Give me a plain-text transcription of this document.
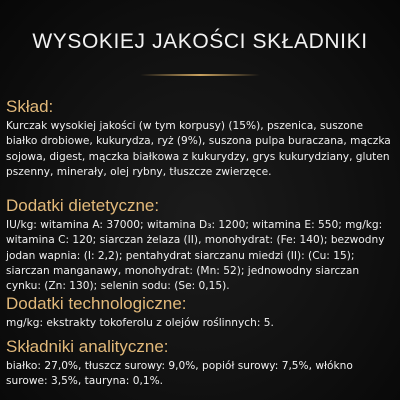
WYSOKIEJ JAKOŚCI SKŁADNIKI
Skład:

Kurczak wysokiej jakości (w tym korpusy) (15%), pszenica, suszone białko drobiowe, kukurydza, ryż (9%), suszona pulpa buraczana, mączka sojowa, digest, mączka białkowa z kukurydzy, grys kukurydziany, gluten pszenny, minerały, olej rybny, tłuszcze zwierzęce.

Dodatki dietetyczne:

IU/kg: witamina A: 37000; witamina D₃: 1200; witamina E: 550; mg/kg: witamina C: 120; siarczan żelaza (II), monohydrat: (Fe: 140); bezwodny jodan wapnia: (I: 2,2); pentahydrat siarczanu miedzi (II): (Cu: 15); siarczan manganawy, monohydrat: (Mn: 52); jednowodny siarczan cynku: (Zn: 130); selenin sodu: (Se: 0,15).

Dodatki technologiczne:

mg/kg: ekstrakty tokoferolu z olejów roślinnych: 5.

Składniki analityczne:

białko: 27,0%, tłuszcz surowy: 9,0%, popiół surowy: 7,5%, włókno surowe: 3,5%, tauryna: 0,1%.
